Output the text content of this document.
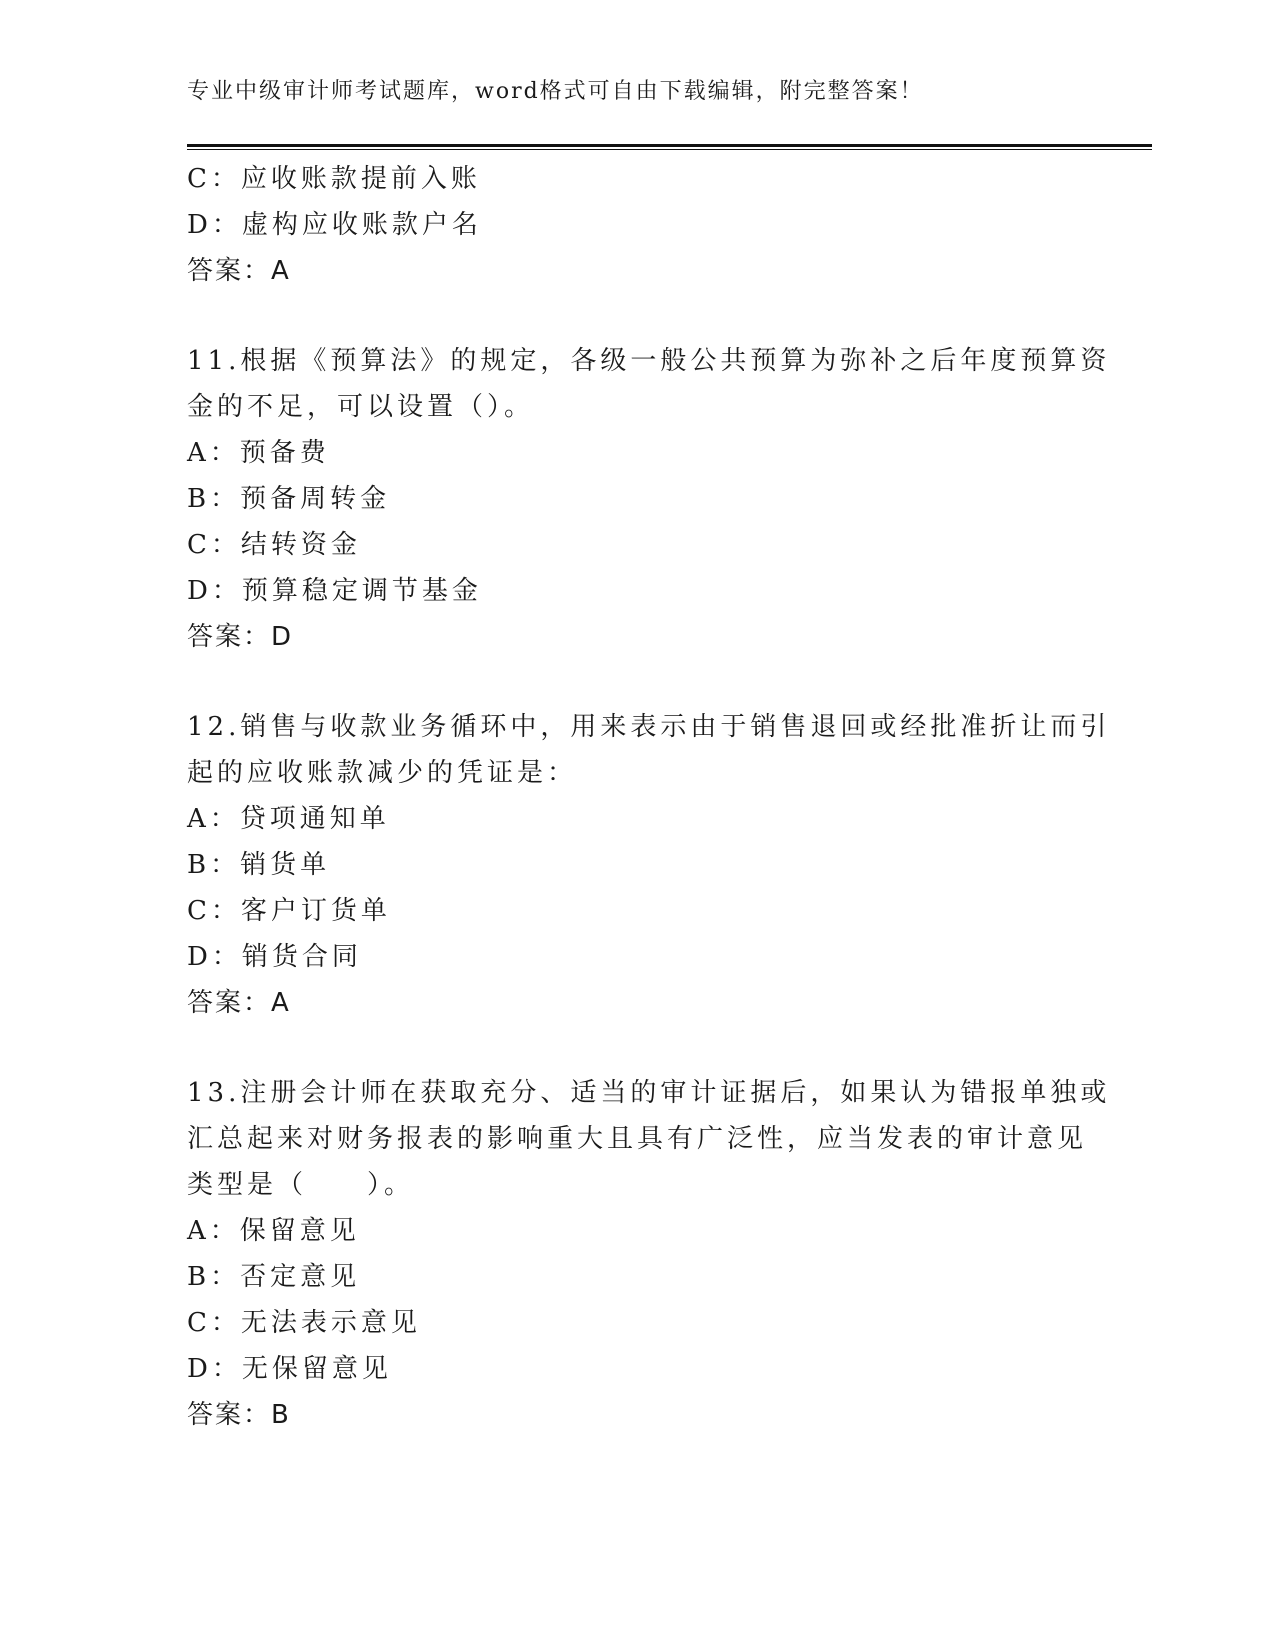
专业中级审计师考试题库，word格式可自由下载编辑，附完整答案！
C：应收账款提前入账
D：虚构应收账款户名
答案：A
11.根据《预算法》的规定，各级一般公共预算为弥补之后年度预算资
金的不足，可以设置（）。
A：预备费
B：预备周转金
C：结转资金
D：预算稳定调节基金
答案：D
12.销售与收款业务循环中，用来表示由于销售退回或经批准折让而引
起的应收账款减少的凭证是：
A：贷项通知单
B：销货单
C：客户订货单
D：销货合同
答案：A
13.注册会计师在获取充分、适当的审计证据后，如果认为错报单独或
汇总起来对财务报表的影响重大且具有广泛性，应当发表的审计意见
类型是（　　）。
A：保留意见
B：否定意见
C：无法表示意见
D：无保留意见
答案：B
